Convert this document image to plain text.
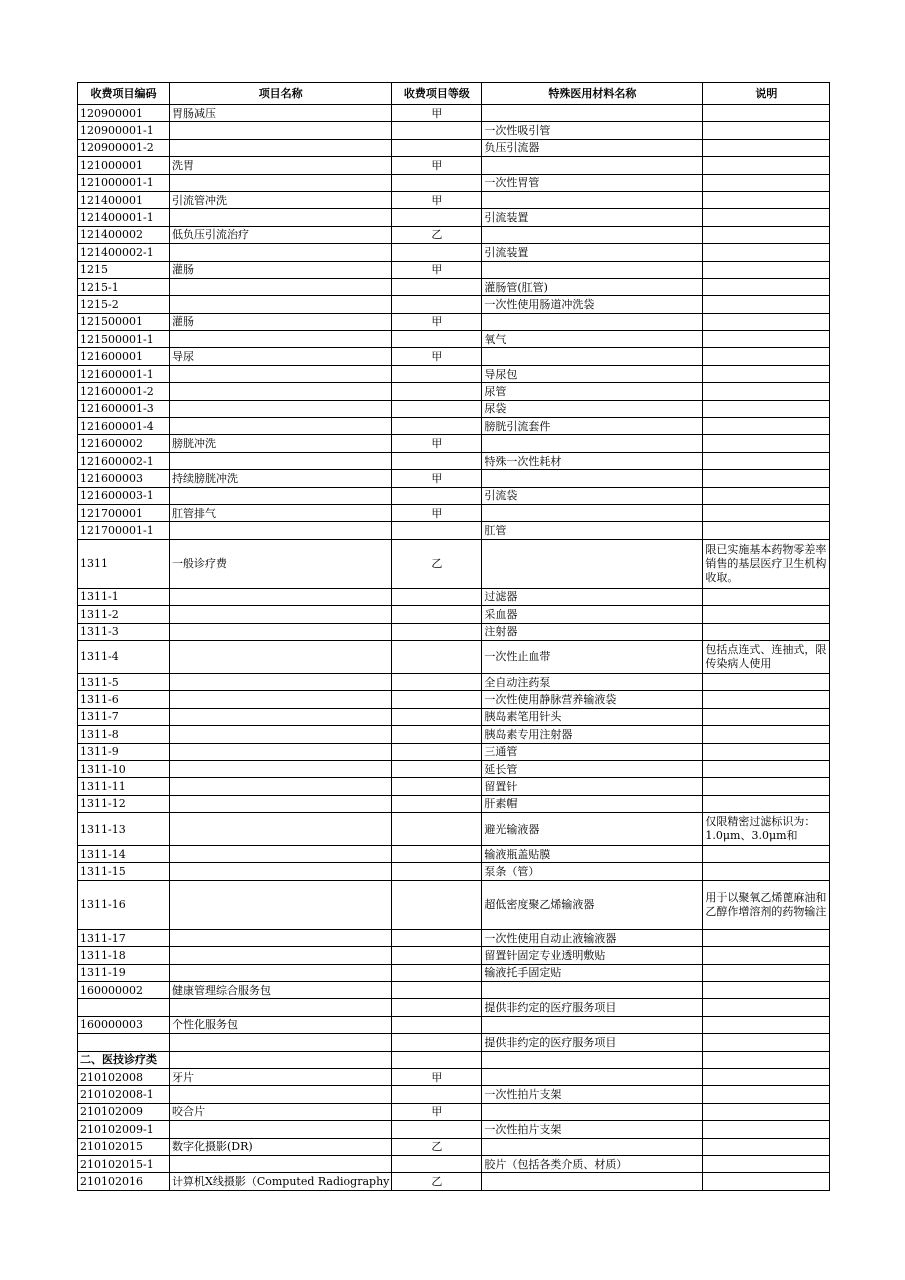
收费项目编码	项目名称	收费项目等级	特殊医用材料名称	说明
120900001	胃肠减压	甲		
120900001-1			一次性吸引管	
120900001-2			负压引流器	
121000001	洗胃	甲		
121000001-1			一次性胃管	
121400001	引流管冲洗	甲		
121400001-1			引流装置	
121400002	低负压引流治疗	乙		
121400002-1			引流装置	
1215	灌肠	甲		
1215-1			灌肠管(肛管)	
1215-2			一次性使用肠道冲洗袋	
121500001	灌肠	甲		
121500001-1			氧气	
121600001	导尿	甲		
121600001-1			导尿包	
121600001-2			尿管	
121600001-3			尿袋	
121600001-4			膀胱引流套件	
121600002	膀胱冲洗	甲		
121600002-1			特殊一次性耗材	
121600003	持续膀胱冲洗	甲		
121600003-1			引流袋	
121700001	肛管排气	甲		
121700001-1			肛管	
1311	一般诊疗费	乙		限已实施基本药物零差率销售的基层医疗卫生机构收取。
1311-1			过滤器	
1311-2			采血器	
1311-3			注射器	
1311-4			一次性止血带	包括点连式、连抽式，限传染病人使用
1311-5			全自动注药泵	
1311-6			一次性使用静脉营养输液袋	
1311-7			胰岛素笔用针头	
1311-8			胰岛素专用注射器	
1311-9			三通管	
1311-10			延长管	
1311-11			留置针	
1311-12			肝素帽	
1311-13			避光输液器	仅限精密过滤标识为：1.0μm、3.0μm和
1311-14			输液瓶盖贴膜	
1311-15			泵条（管）	
1311-16			超低密度聚乙烯输液器	用于以聚氧乙烯蓖麻油和乙醇作增溶剂的药物输注
1311-17			一次性使用自动止液输液器	
1311-18			留置针固定专业透明敷贴	
1311-19			输液托手固定贴	
160000002	健康管理综合服务包			
			提供非约定的医疗服务项目	
160000003	个性化服务包			
			提供非约定的医疗服务项目	
二、医技诊疗类				
210102008	牙片	甲		
210102008-1			一次性拍片支架	
210102009	咬合片	甲		
210102009-1			一次性拍片支架	
210102015	数字化摄影(DR)	乙		
210102015-1			胶片（包括各类介质、材质）	
210102016	计算机X线摄影（Computed Radiography	乙		
